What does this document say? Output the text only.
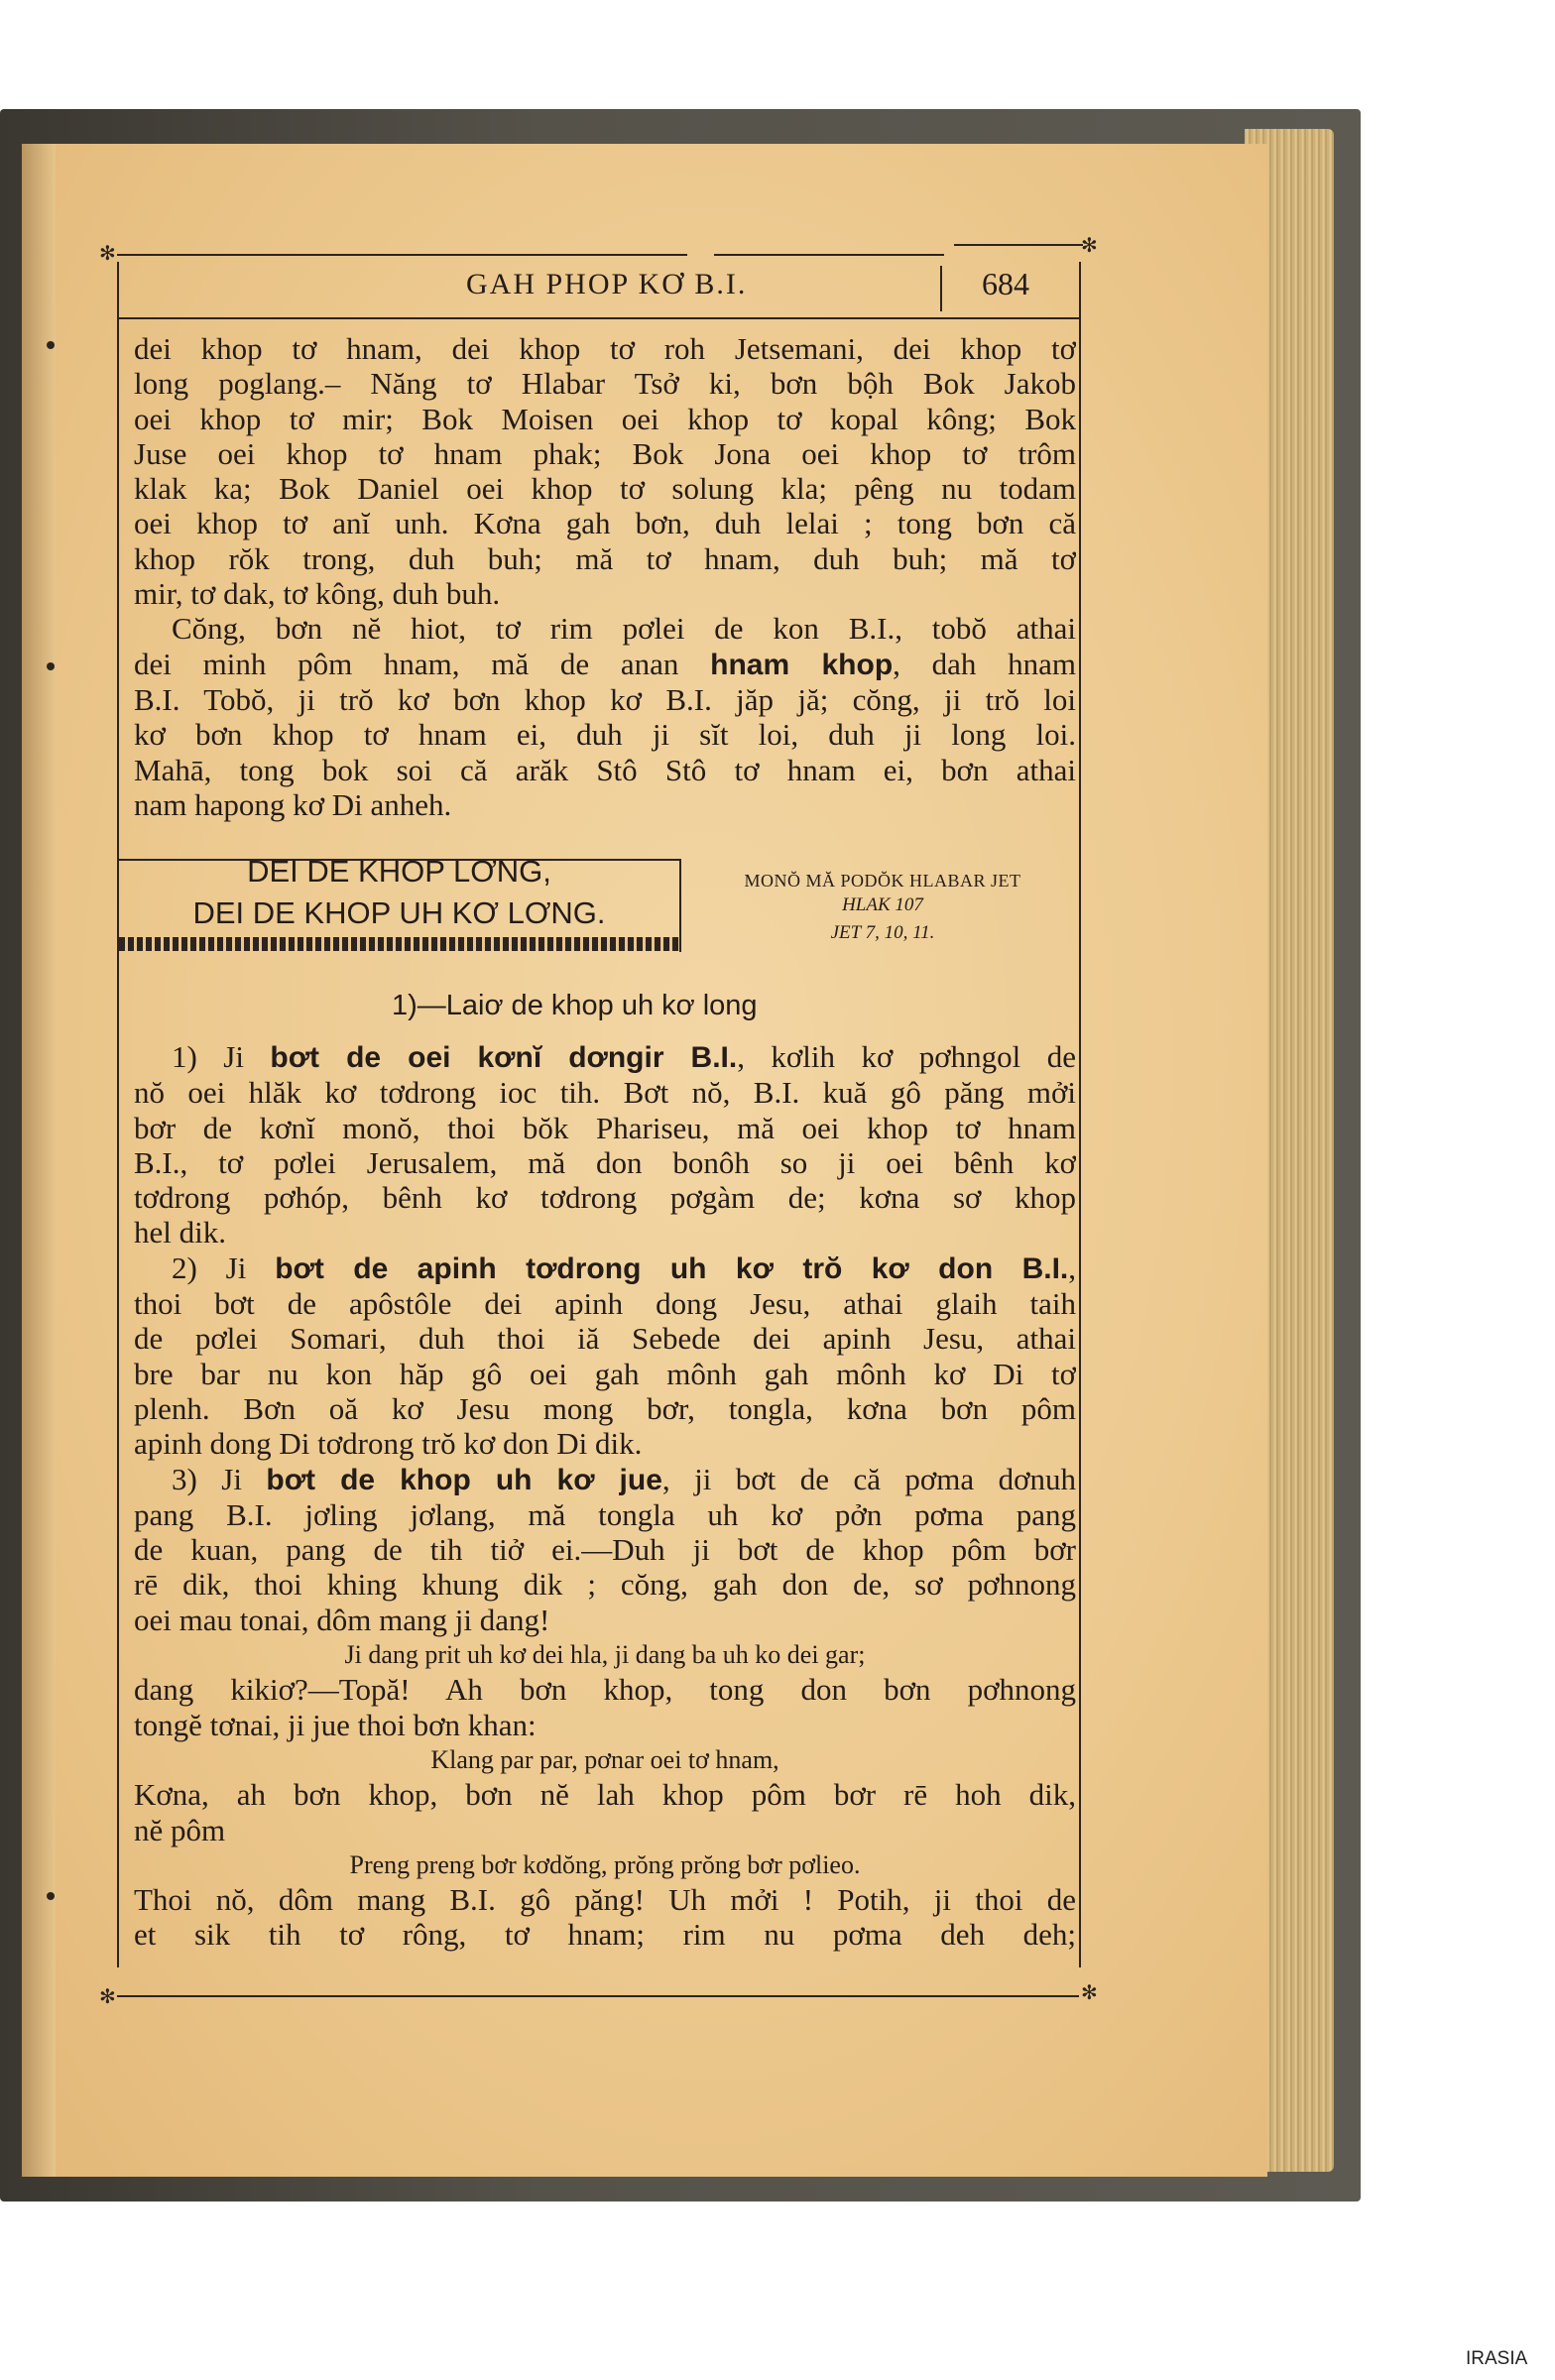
✻	✻
✻	✻
GAH PHOP KƠ B.I.	684
dei khop tơ hnam, dei khop tơ roh Jetsemani, dei khop tơ
long poglang.– Năng tơ Hlabar Tsở ki, bơn bộh Bok Jakob
oei khop tơ mir; Bok Moisen oei khop tơ kopal kông; Bok
Juse oei khop tơ hnam phak; Bok Jona oei khop tơ trôm
klak ka; Bok Daniel oei khop tơ solung kla; pêng nu todam
oei khop tơ anĭ unh. Kơna gah bơn, duh lelai ; tong bơn că
khop rŏk trong, duh buh; mă tơ hnam, duh buh; mă tơ
mir, tơ dak, tơ kông, duh buh.
Cŏng, bơn nĕ hiot, tơ rim pơlei de kon B.I., tobŏ athai
dei minh pôm hnam, mă de anan hnam khop, dah hnam
B.I. Tobŏ, ji trŏ kơ bơn khop kơ B.I. jăp jă; cŏng, ji trŏ loi
kơ bơn khop tơ hnam ei, duh ji sĭt loi, duh ji long loi.
Mahā, tong bok soi că arăk Stô Stô tơ hnam ei, bơn athai
nam hapong kơ Di anheh.
DEI DE KHOP LƠNG,
DEI DE KHOP UH KƠ LƠNG.
MONŎ MĂ PODŎK HLABAR JET
HLAK 107
JET 7, 10, 11.
1)—Laiơ de khop uh kơ long
1) Ji bơt de oei kơnĭ dơngir B.I., kơlih kơ pơhngol de
nŏ oei hlăk kơ tơdrong ioc tih. Bơt nŏ, B.I. kuă gô păng mởi
bơr de kơnĭ monŏ, thoi bŏk Phariseu, mă oei khop tơ hnam
B.I., tơ pơlei Jerusalem, mă don bonôh so ji oei bênh kơ
tơdrong pơhóp, bênh kơ tơdrong pơgàm de; kơna sơ khop
hel dik.
2) Ji bơt de apinh tơdrong uh kơ trŏ kơ don B.I.,
thoi bơt de apôstôle dei apinh dong Jesu, athai glaih taih
de pơlei Somari, duh thoi iă Sebede dei apinh Jesu, athai
bre bar nu kon hăp gô oei gah mônh gah mônh kơ Di tơ
plenh. Bơn oă kơ Jesu mong bơr, tongla, kơna bơn pôm
apinh dong Di tơdrong trŏ kơ don Di dik.
3) Ji bơt de khop uh kơ jue, ji bơt de că pơma dơnuh
pang B.I. jơling jơlang, mă tongla uh kơ pởn pơma pang
de kuan, pang de tih tiở ei.—Duh ji bơt de khop pôm bơr
rē dik, thoi khing khung dik ; cŏng, gah don de, sơ pơhnong
oei mau tonai, dôm mang ji dang!
Ji dang prit uh kơ dei hla, ji dang ba uh ko dei gar;
dang kikiơ?—Topă! Ah bơn khop, tong don bơn pơhnong
tongĕ tơnai, ji jue thoi bơn khan:
Klang par par, pơnar oei tơ hnam,
Kơna, ah bơn khop, bơn nĕ lah khop pôm bơr rē hoh dik,
nĕ pôm
Preng preng bơr kơdŏng, prŏng prŏng bơr pơlieo.
Thoi nŏ, dôm mang B.I. gô păng! Uh mởi ! Potih, ji thoi de
et sik tih tơ rông, tơ hnam; rim nu pơma deh deh;
IRASIA
